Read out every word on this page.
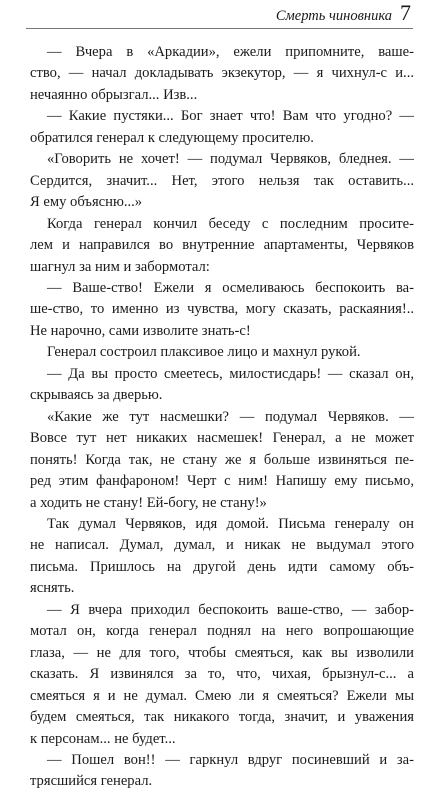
Смерть чиновника 7

— Вчера в «Аркадии», ежели припомните, ваше-
ство, — начал докладывать экзекутор, — я чихнул-с и...
нечаянно обрызгал... Изв...

— Какие пустяки... Бог знает что! Вам что угодно? —
обратился генерал к следующему просителю.

«Говорить не хочет! — подумал Червяков, бледнея. —
Сердится, значит... Нет, этого нельзя так оставить...
Я ему объясню...»

Когда генерал кончил беседу с последним просите-
лем и направился во внутренние апартаменты, Червяков
шагнул за ним и забормотал:

— Ваше-ство! Ежели я осмеливаюсь беспокоить ва-
ше-ство, то именно из чувства, могу сказать, раскаяния!..
Не нарочно, сами изволите знать-с!

Генерал состроил плаксивое лицо и махнул рукой.

— Да вы просто смеетесь, милостисдарь! — сказал он,
скрываясь за дверью.

«Какие же тут насмешки? — подумал Червяков. —
Вовсе тут нет никаких насмешек! Генерал, а не может
понять! Когда так, не стану же я больше извиняться пе-
ред этим фанфароном! Черт с ним! Напишу ему письмо,
а ходить не стану! Ей-богу, не стану!»

Так думал Червяков, идя домой. Письма генералу он
не написал. Думал, думал, и никак не выдумал этого
письма. Пришлось на другой день идти самому объ-
яснять.

— Я вчера приходил беспокоить ваше-ство, — забор-
мотал он, когда генерал поднял на него вопрошающие
глаза, — не для того, чтобы смеяться, как вы изволили
сказать. Я извинялся за то, что, чихая, брызнул-с... а
смеяться я и не думал. Смею ли я смеяться? Ежели мы
будем смеяться, так никакого тогда, значит, и уважения
к персонам... не будет...

— Пошел вон!! — гаркнул вдруг посиневший и за-
трясшийся генерал.
